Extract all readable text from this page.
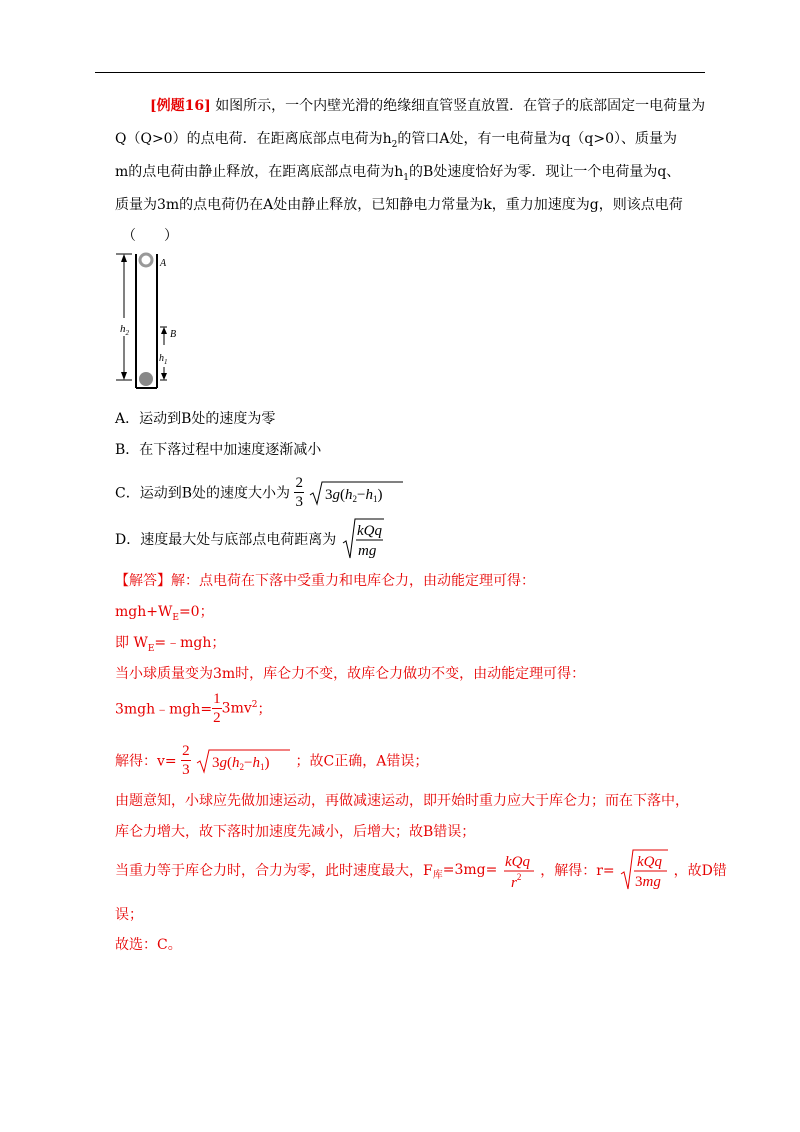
[例题16] 如图所示，一个内壁光滑的绝缘细直管竖直放置．在管子的底部固定一电荷量为
Q（Q>0）的点电荷．在距离底部点电荷为$h_2$的管口A处，有一电荷量为q（q>0）、质量为
m的点电荷由静止释放，在距离底部点电荷为$h_1$的B处速度恰好为零．现让一个电荷量为q、
质量为3m的点电荷仍在A处由静止释放，已知静电力常量为k，重力加速度为g，则该点电荷
（　　）
$h_2$
A
B
$h_1$
A．运动到B处的速度为零
B．在下落过程中加速度逐渐减小
C．运动到B处的速度大小为 $\frac{2}{3}$
$3g(h_2-h_1)$
D．速度最大处与底部点电荷距离为
kQq
mg
【解答】解：点电荷在下落中受重力和电库仑力，由动能定理可得：
$mgh+W_E=0$；
即 $W_E=﹣mgh$；
当小球质量变为3m时，库仑力不变，故库仑力做功不变，由动能定理可得：
3mgh﹣mgh= $\frac{1}{2} 3mv^2$；
解得：$v= \frac{2}{3}$
$3g(h_2-h_1)$ ；故C正确，A错误；
由题意知，小球应先做加速运动，再做减速运动，即开始时重力应大于库仑力；而在下落中，
库仑力增大，故下落时加速度先减小，后增大；故B错误；
当重力等于库仑力时，合力为零，此时速度最大，$F_库=3mg=$ kQq
$r^2$ ，解得：r=
kQq
3mg
，故D错
误；
故选：C。
